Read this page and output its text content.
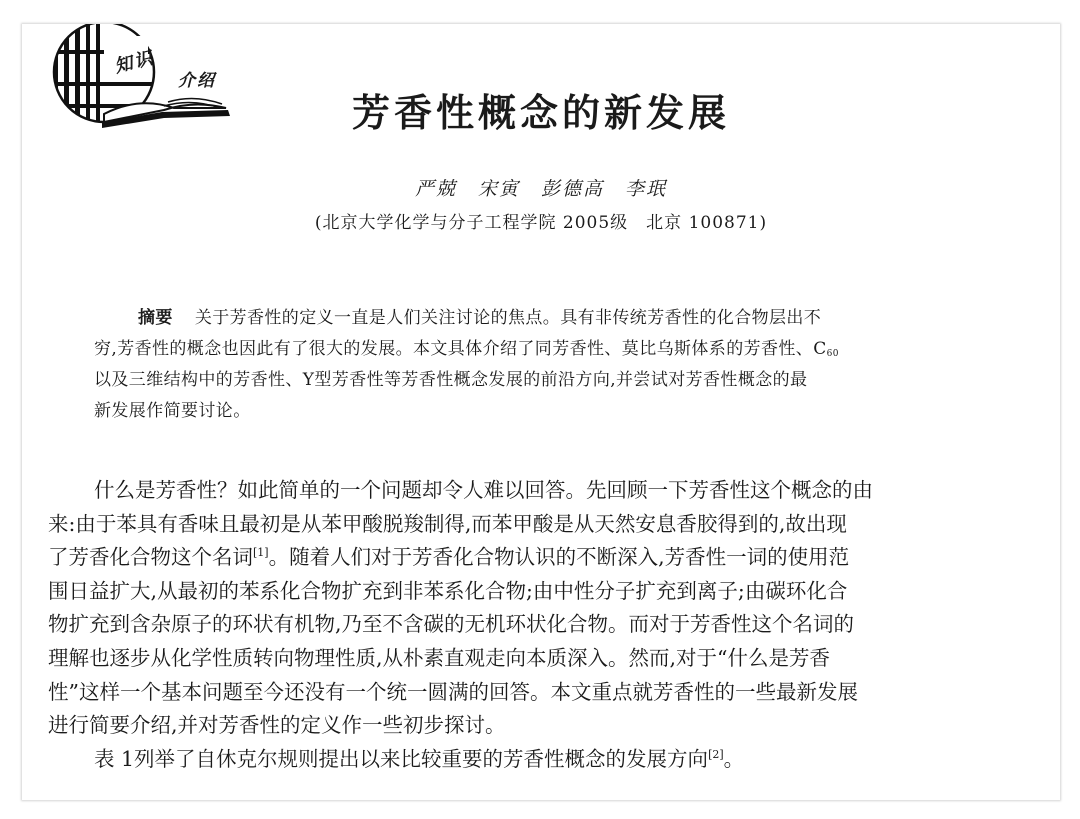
知识
介绍
芳香性概念的新发展
严兢　宋寅　彭德高　李珉
(北京大学化学与分子工程学院 2005级　北京 100871)
摘要 关于芳香性的定义一直是人们关注讨论的焦点。具有非传统芳香性的化合物层出不
穷,芳香性的概念也因此有了很大的发展。本文具体介绍了同芳香性、莫比乌斯体系的芳香性、$C_{60}$
以及三维结构中的芳香性、Y型芳香性等芳香性概念发展的前沿方向,并尝试对芳香性概念的最
新发展作简要讨论。
什么是芳香性？如此简单的一个问题却令人难以回答。先回顾一下芳香性这个概念的由
来:由于苯具有香味且最初是从苯甲酸脱羧制得,而苯甲酸是从天然安息香胶得到的,故出现
了芳香化合物这个名词[1]。随着人们对于芳香化合物认识的不断深入,芳香性一词的使用范
围日益扩大,从最初的苯系化合物扩充到非苯系化合物;由中性分子扩充到离子;由碳环化合
物扩充到含杂原子的环状有机物,乃至不含碳的无机环状化合物。而对于芳香性这个名词的
理解也逐步从化学性质转向物理性质,从朴素直观走向本质深入。然而,对于“什么是芳香
性”这样一个基本问题至今还没有一个统一圆满的回答。本文重点就芳香性的一些最新发展
进行简要介绍,并对芳香性的定义作一些初步探讨。
表 1列举了自休克尔规则提出以来比较重要的芳香性概念的发展方向[2]。
